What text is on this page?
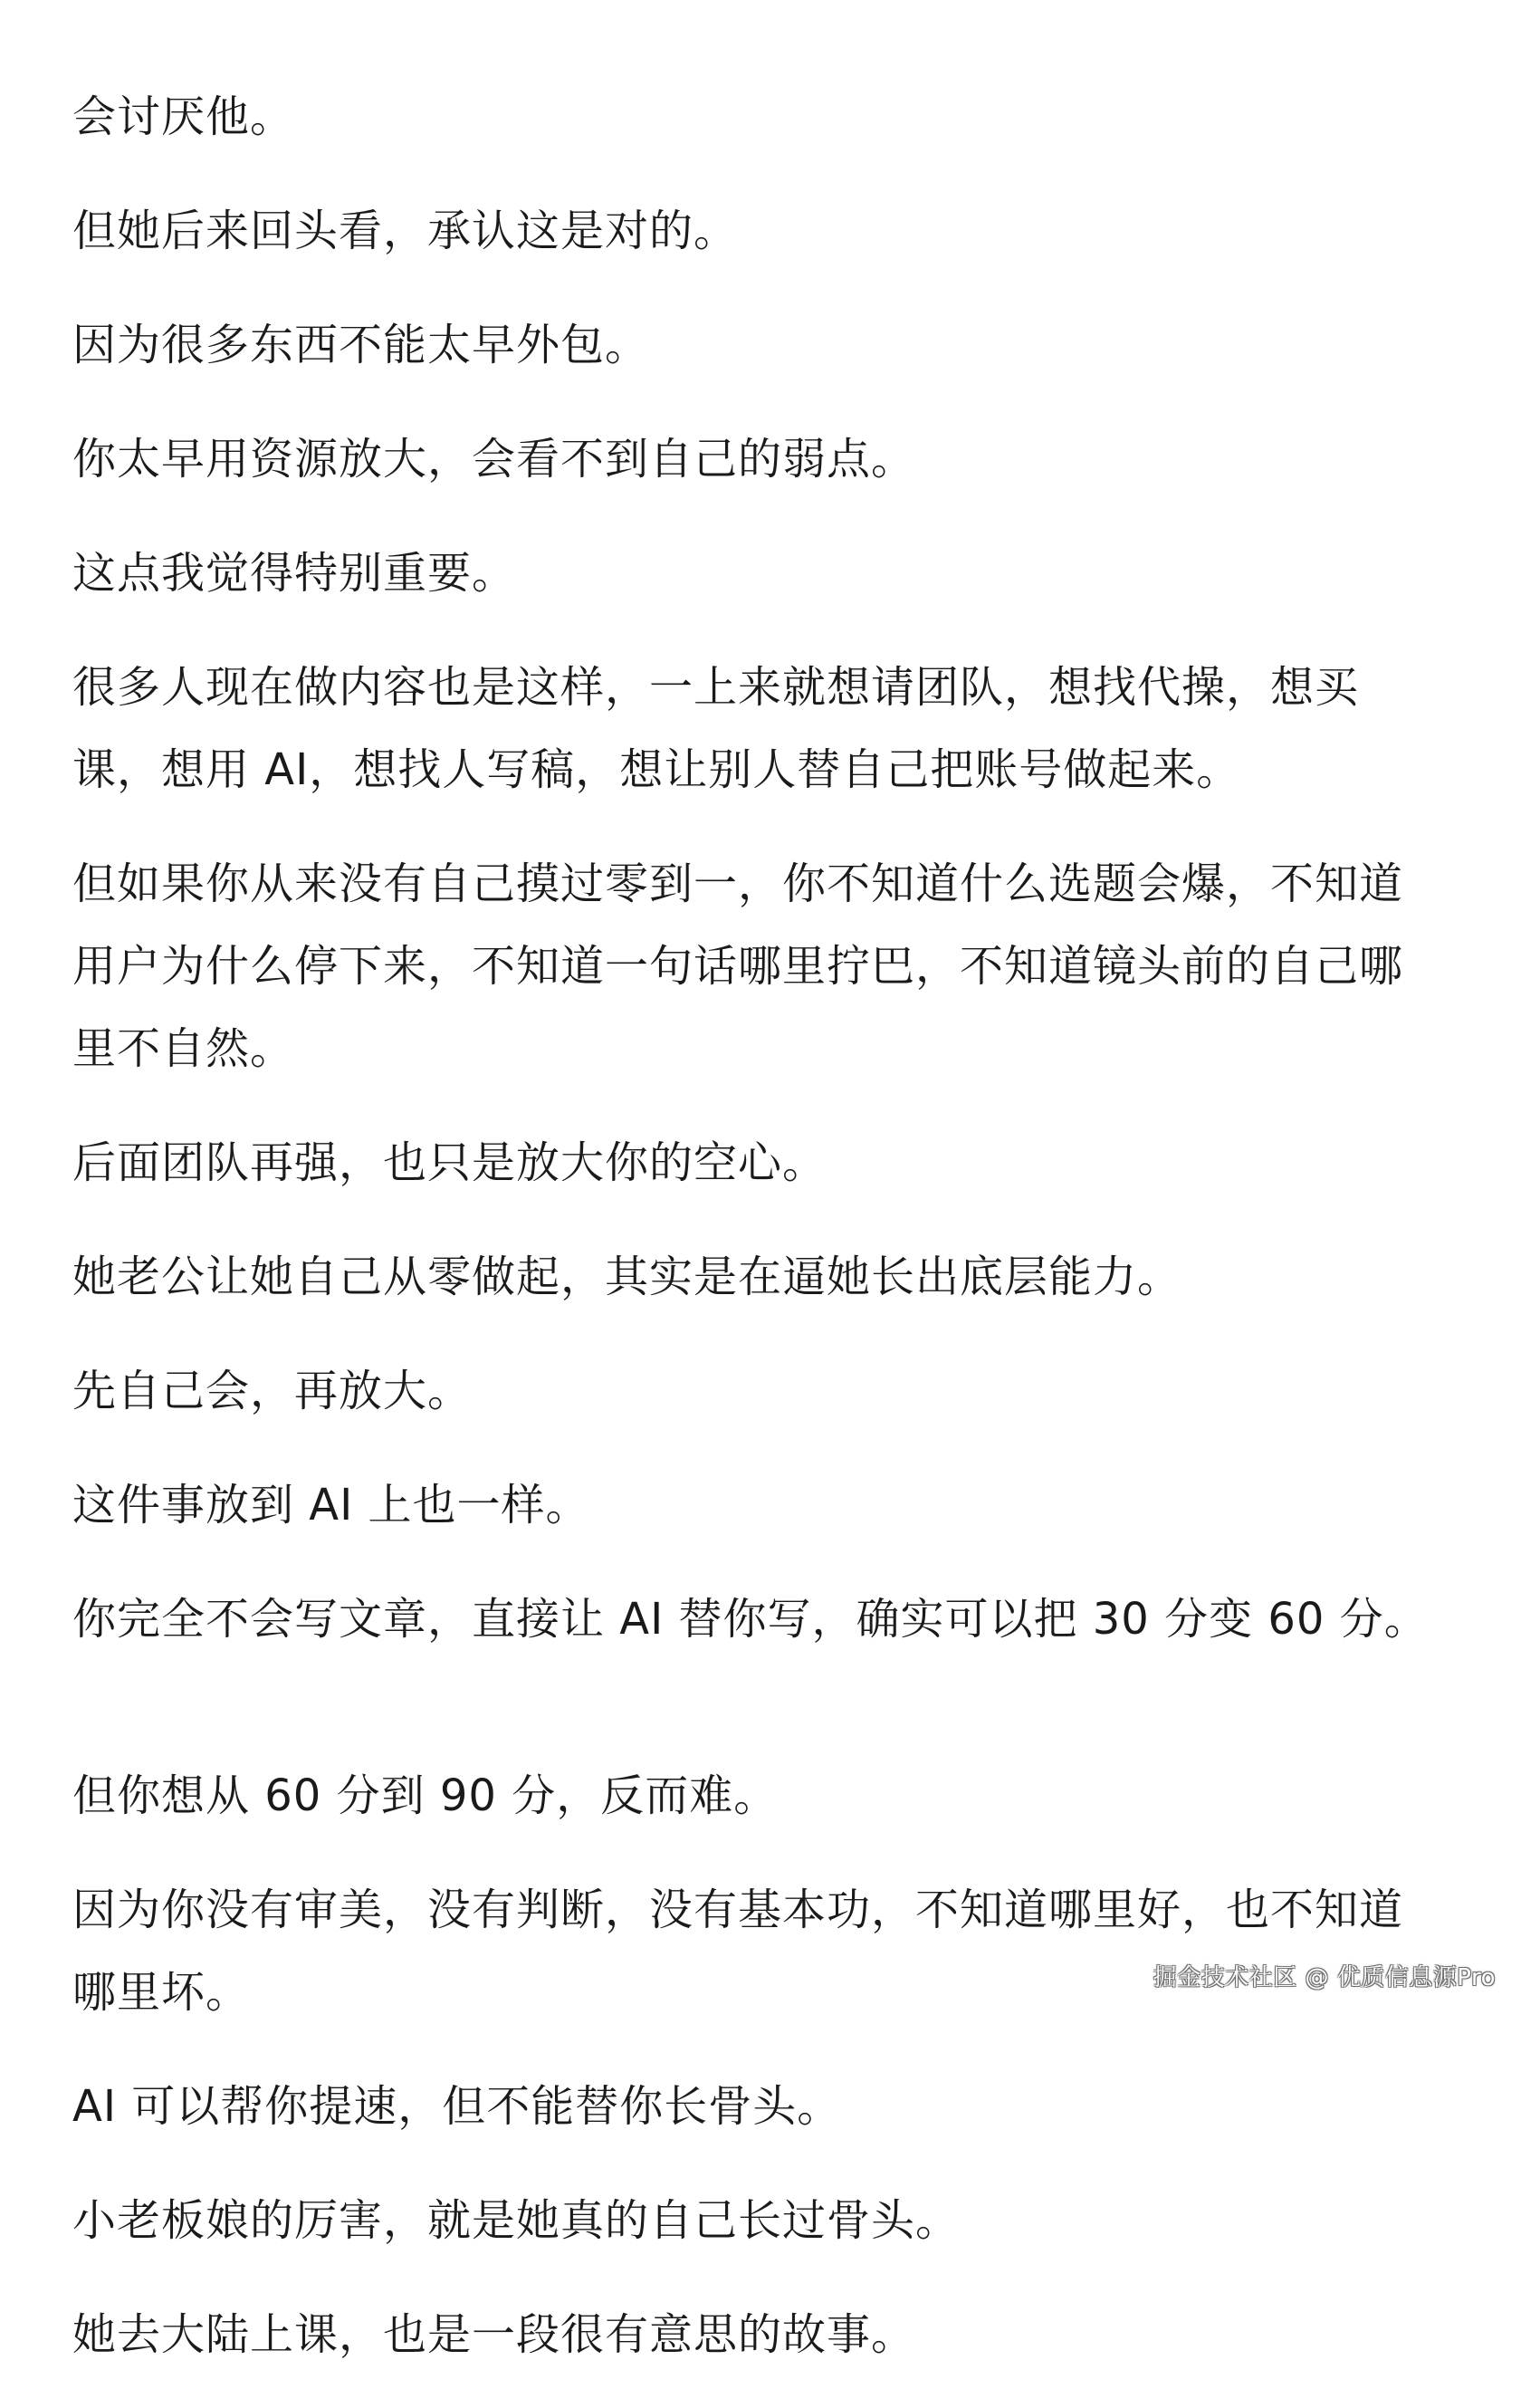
会讨厌他。

但她后来回头看，承认这是对的。

因为很多东西不能太早外包。

你太早用资源放大，会看不到自己的弱点。

这点我觉得特别重要。

很多人现在做内容也是这样，一上来就想请团队，想找代操，想买课，想用 AI，想找人写稿，想让别人替自己把账号做起来。

但如果你从来没有自己摸过零到一，你不知道什么选题会爆，不知道用户为什么停下来，不知道一句话哪里拧巴，不知道镜头前的自己哪里不自然。

后面团队再强，也只是放大你的空心。

她老公让她自己从零做起，其实是在逼她长出底层能力。

先自己会，再放大。

这件事放到 AI 上也一样。

你完全不会写文章，直接让 AI 替你写，确实可以把 30 分变 60 分。

但你想从 60 分到 90 分，反而难。

因为你没有审美，没有判断，没有基本功，不知道哪里好，也不知道哪里坏。

AI 可以帮你提速，但不能替你长骨头。

小老板娘的厉害，就是她真的自己长过骨头。

她去大陆上课，也是一段很有意思的故事。

掘金技术社区 @ 优质信息源Pro
